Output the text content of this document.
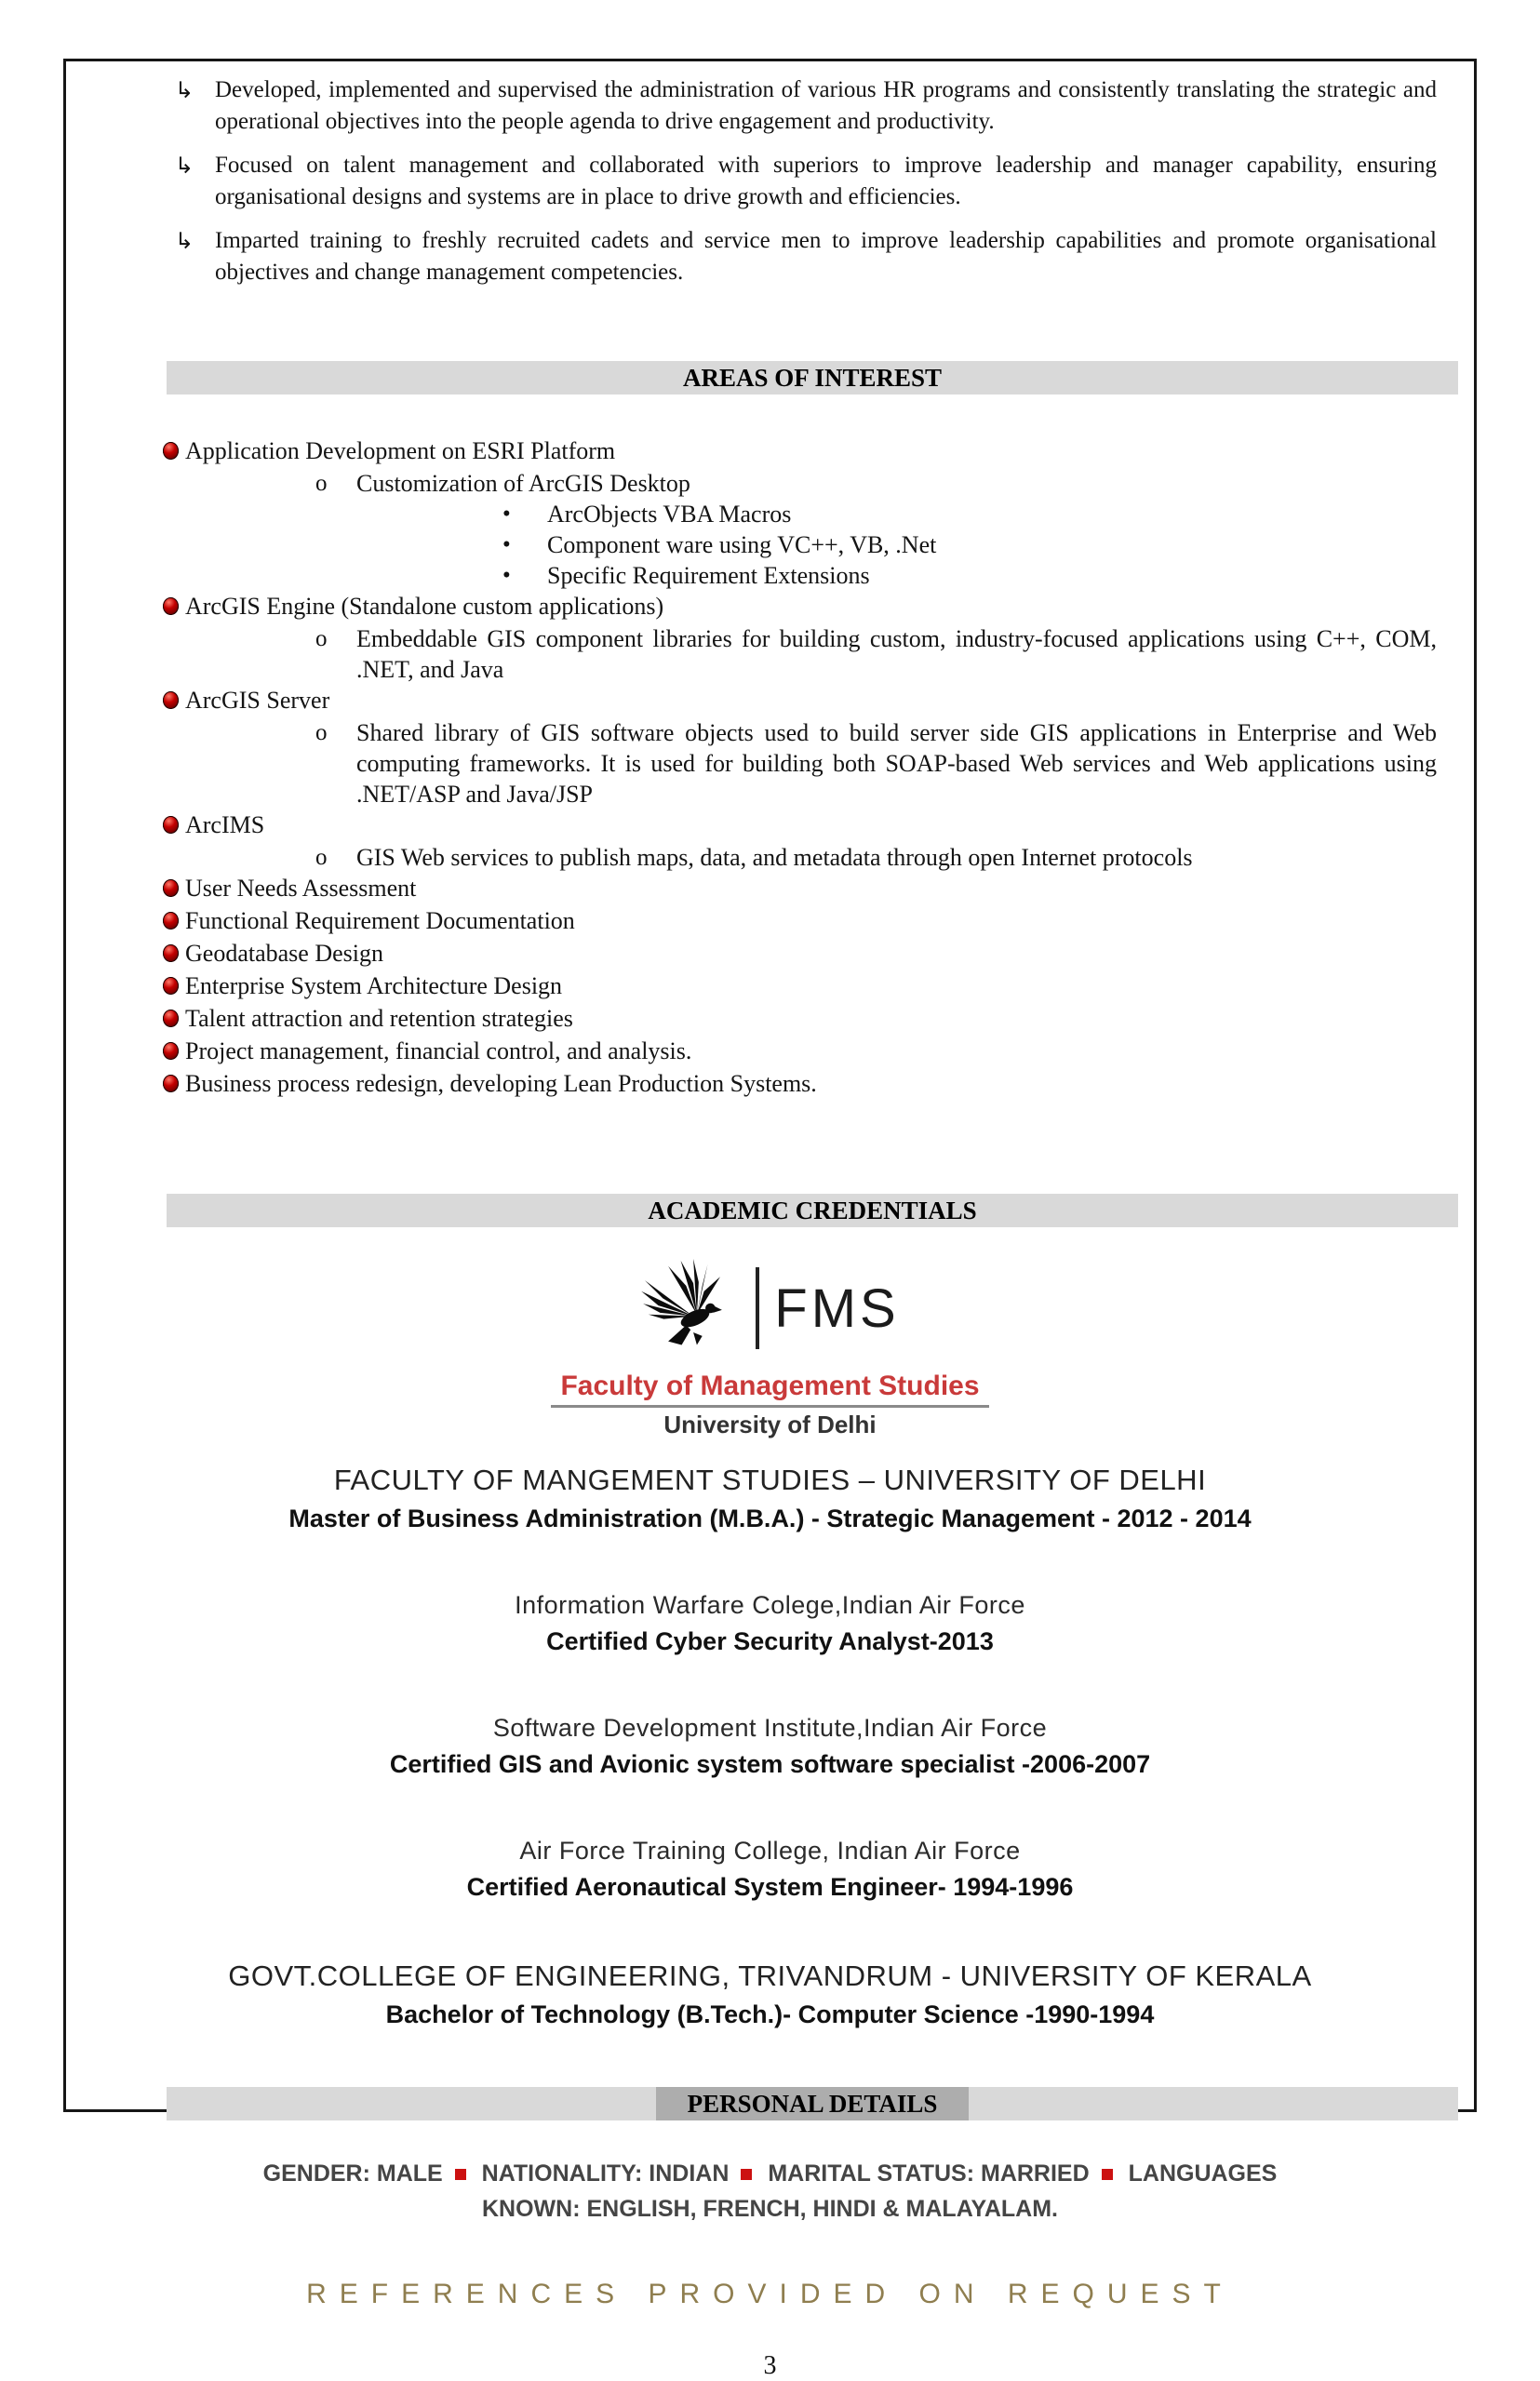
↳ Developed, implemented and supervised the administration of various HR programs and consistently translating the strategic and operational objectives into the people agenda to drive engagement and productivity.
↳ Focused on talent management and collaborated with superiors to improve leadership and manager capability, ensuring organisational designs and systems are in place to drive growth and efficiencies.
↳ Imparted training to freshly recruited cadets and service men to improve leadership capabilities and promote organisational objectives and change management competencies.
AREAS OF INTEREST
Application Development on ESRI Platform
o	Customization of ArcGIS Desktop
•	ArcObjects VBA Macros
•	Component ware using VC++, VB, .Net
•	Specific Requirement Extensions
ArcGIS Engine (Standalone custom applications)
o	Embeddable GIS component libraries for building custom, industry-focused applications using C++, COM, .NET, and Java
ArcGIS Server
o	Shared library of GIS software objects used to build server side GIS applications in Enterprise and Web computing frameworks. It is used for building both SOAP-based Web services and Web applications using .NET/ASP and Java/JSP
ArcIMS
o	GIS Web services to publish maps, data, and metadata through open Internet protocols
User Needs Assessment
Functional Requirement Documentation
Geodatabase Design
Enterprise System Architecture Design
Talent attraction and retention strategies
Project management, financial control, and analysis.
Business process redesign, developing Lean Production Systems.
ACADEMIC CREDENTIALS
FMS
Faculty of Management Studies
University of Delhi
FACULTY OF MANGEMENT STUDIES – UNIVERSITY OF DELHI
Master of Business Administration (M.B.A.) - Strategic Management - 2012 - 2014
Information Warfare Colege,Indian Air Force
Certified Cyber Security Analyst-2013
Software Development Institute,Indian Air Force
Certified GIS and Avionic system software specialist -2006-2007
Air Force Training College, Indian Air Force
Certified Aeronautical System Engineer- 1994-1996
GOVT.COLLEGE OF ENGINEERING, TRIVANDRUM - UNIVERSITY OF KERALA
Bachelor of Technology (B.Tech.)- Computer Science -1990-1994
PERSONAL DETAILS
GENDER: MALE NATIONALITY: INDIAN MARITAL STATUS: MARRIED LANGUAGES KNOWN: ENGLISH, FRENCH, HINDI & MALAYALAM.
REFERENCES PROVIDED ON REQUEST
3
